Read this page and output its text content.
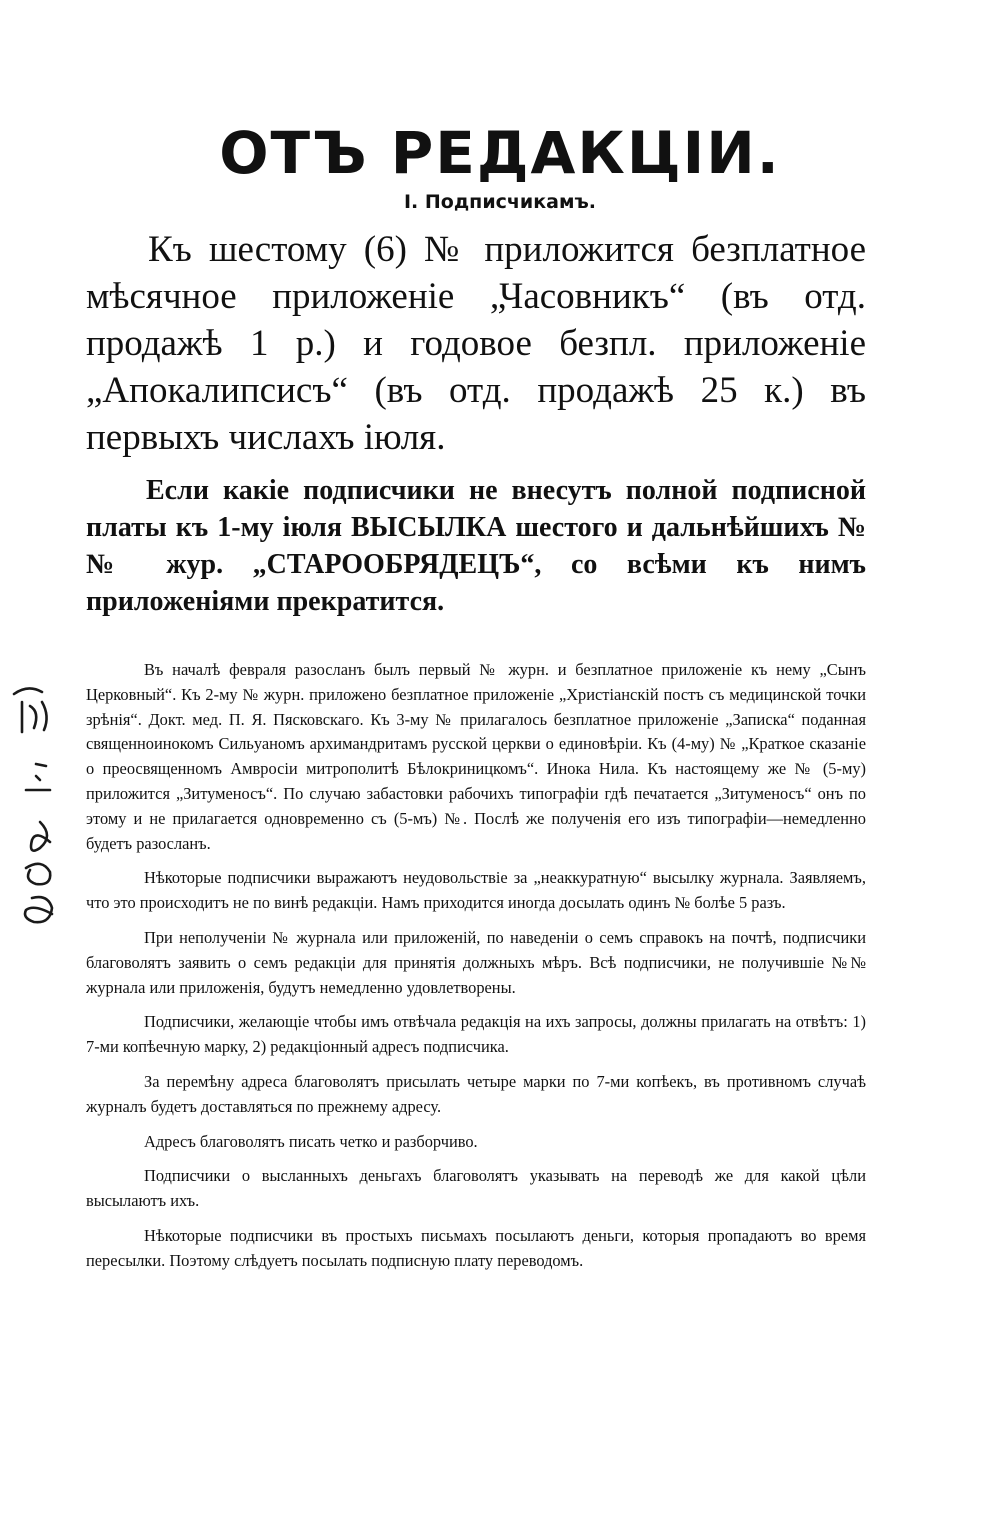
ОТЪ РЕДАКЦIИ.
I. Подписчикамъ.

Къ шестому (6) № приложится безплатное мѣсячное приложенiе „Часовникъ“ (въ отд. продажѣ 1 р.) и годовое безпл. приложенiе „Апокалипсисъ“ (въ отд. продажѣ 25 к.) въ первыхъ числахъ iюля.

Если какiе подписчики не внесутъ полной подписной платы къ 1-му iюля ВЫСЫЛКА шестого и дальнѣйшихъ №№ жур. „СТАРООБРЯДЕЦЪ“, со всѣми къ нимъ приложенiями прекратится.

Въ началѣ февраля разосланъ былъ первый № журн. и безплатное приложенiе къ нему „Сынъ Церковный“. Къ 2-му № журн. приложено безплатное приложенiе „Христiанскiй постъ съ медицинской точки зрѣнiя“. Докт. мед. П. Я. Пясковскаго. Къ 3-му № прилагалось безплатное приложенiе „Записка“ поданная священноинокомъ Сильуаномъ архимандритамъ русской церкви о единовѣрiи. Къ (4-му) № „Краткое сказанiе о преосвященномъ Амвросiи митрополитѣ Бѣлокриницкомъ“. Инока Нила. Къ настоящему же № (5-му) приложится „Зитуменосъ“. По случаю забастовки рабочихъ типографiи гдѣ печатается „Зитуменосъ“ онъ по этому и не прилагается одновременно съ (5-мъ) №. Послѣ же полученiя его изъ типографiи—немедленно будетъ разосланъ.

Нѣкоторые подписчики выражаютъ неудовольствiе за „неаккуратную“ высылку журнала. Заявляемъ, что это происходитъ не по винѣ редакцiи. Намъ приходится иногда досылать одинъ № болѣе 5 разъ.

При неполученiи № журнала или приложенiй, по наведенiи о семъ справокъ на почтѣ, подписчики благоволятъ заявить о семъ редакцiи для принятiя должныхъ мѣръ. Всѣ подписчики, не получившiе №№ журнала или приложенiя, будутъ немедленно удовлетворены.

Подписчики, желающiе чтобы имъ отвѣчала редакцiя на ихъ запросы, должны прилагать на отвѣтъ: 1) 7-ми копѣечную марку, 2) редакцiонный адресъ подписчика.

За перемѣну адреса благоволятъ присылать четыре марки по 7-ми копѣекъ, въ противномъ случаѣ журналъ будетъ доставляться по прежнему адресу.

Адресъ благоволятъ писать четко и разборчиво.

Подписчики о высланныхъ деньгахъ благоволятъ указывать на переводѣ же для какой цѣли высылаютъ ихъ.

Нѣкоторые подписчики въ простыхъ письмахъ посылаютъ деньги, которыя пропадаютъ во время пересылки. Поэтому слѣдуетъ посылать подписную плату переводомъ.
